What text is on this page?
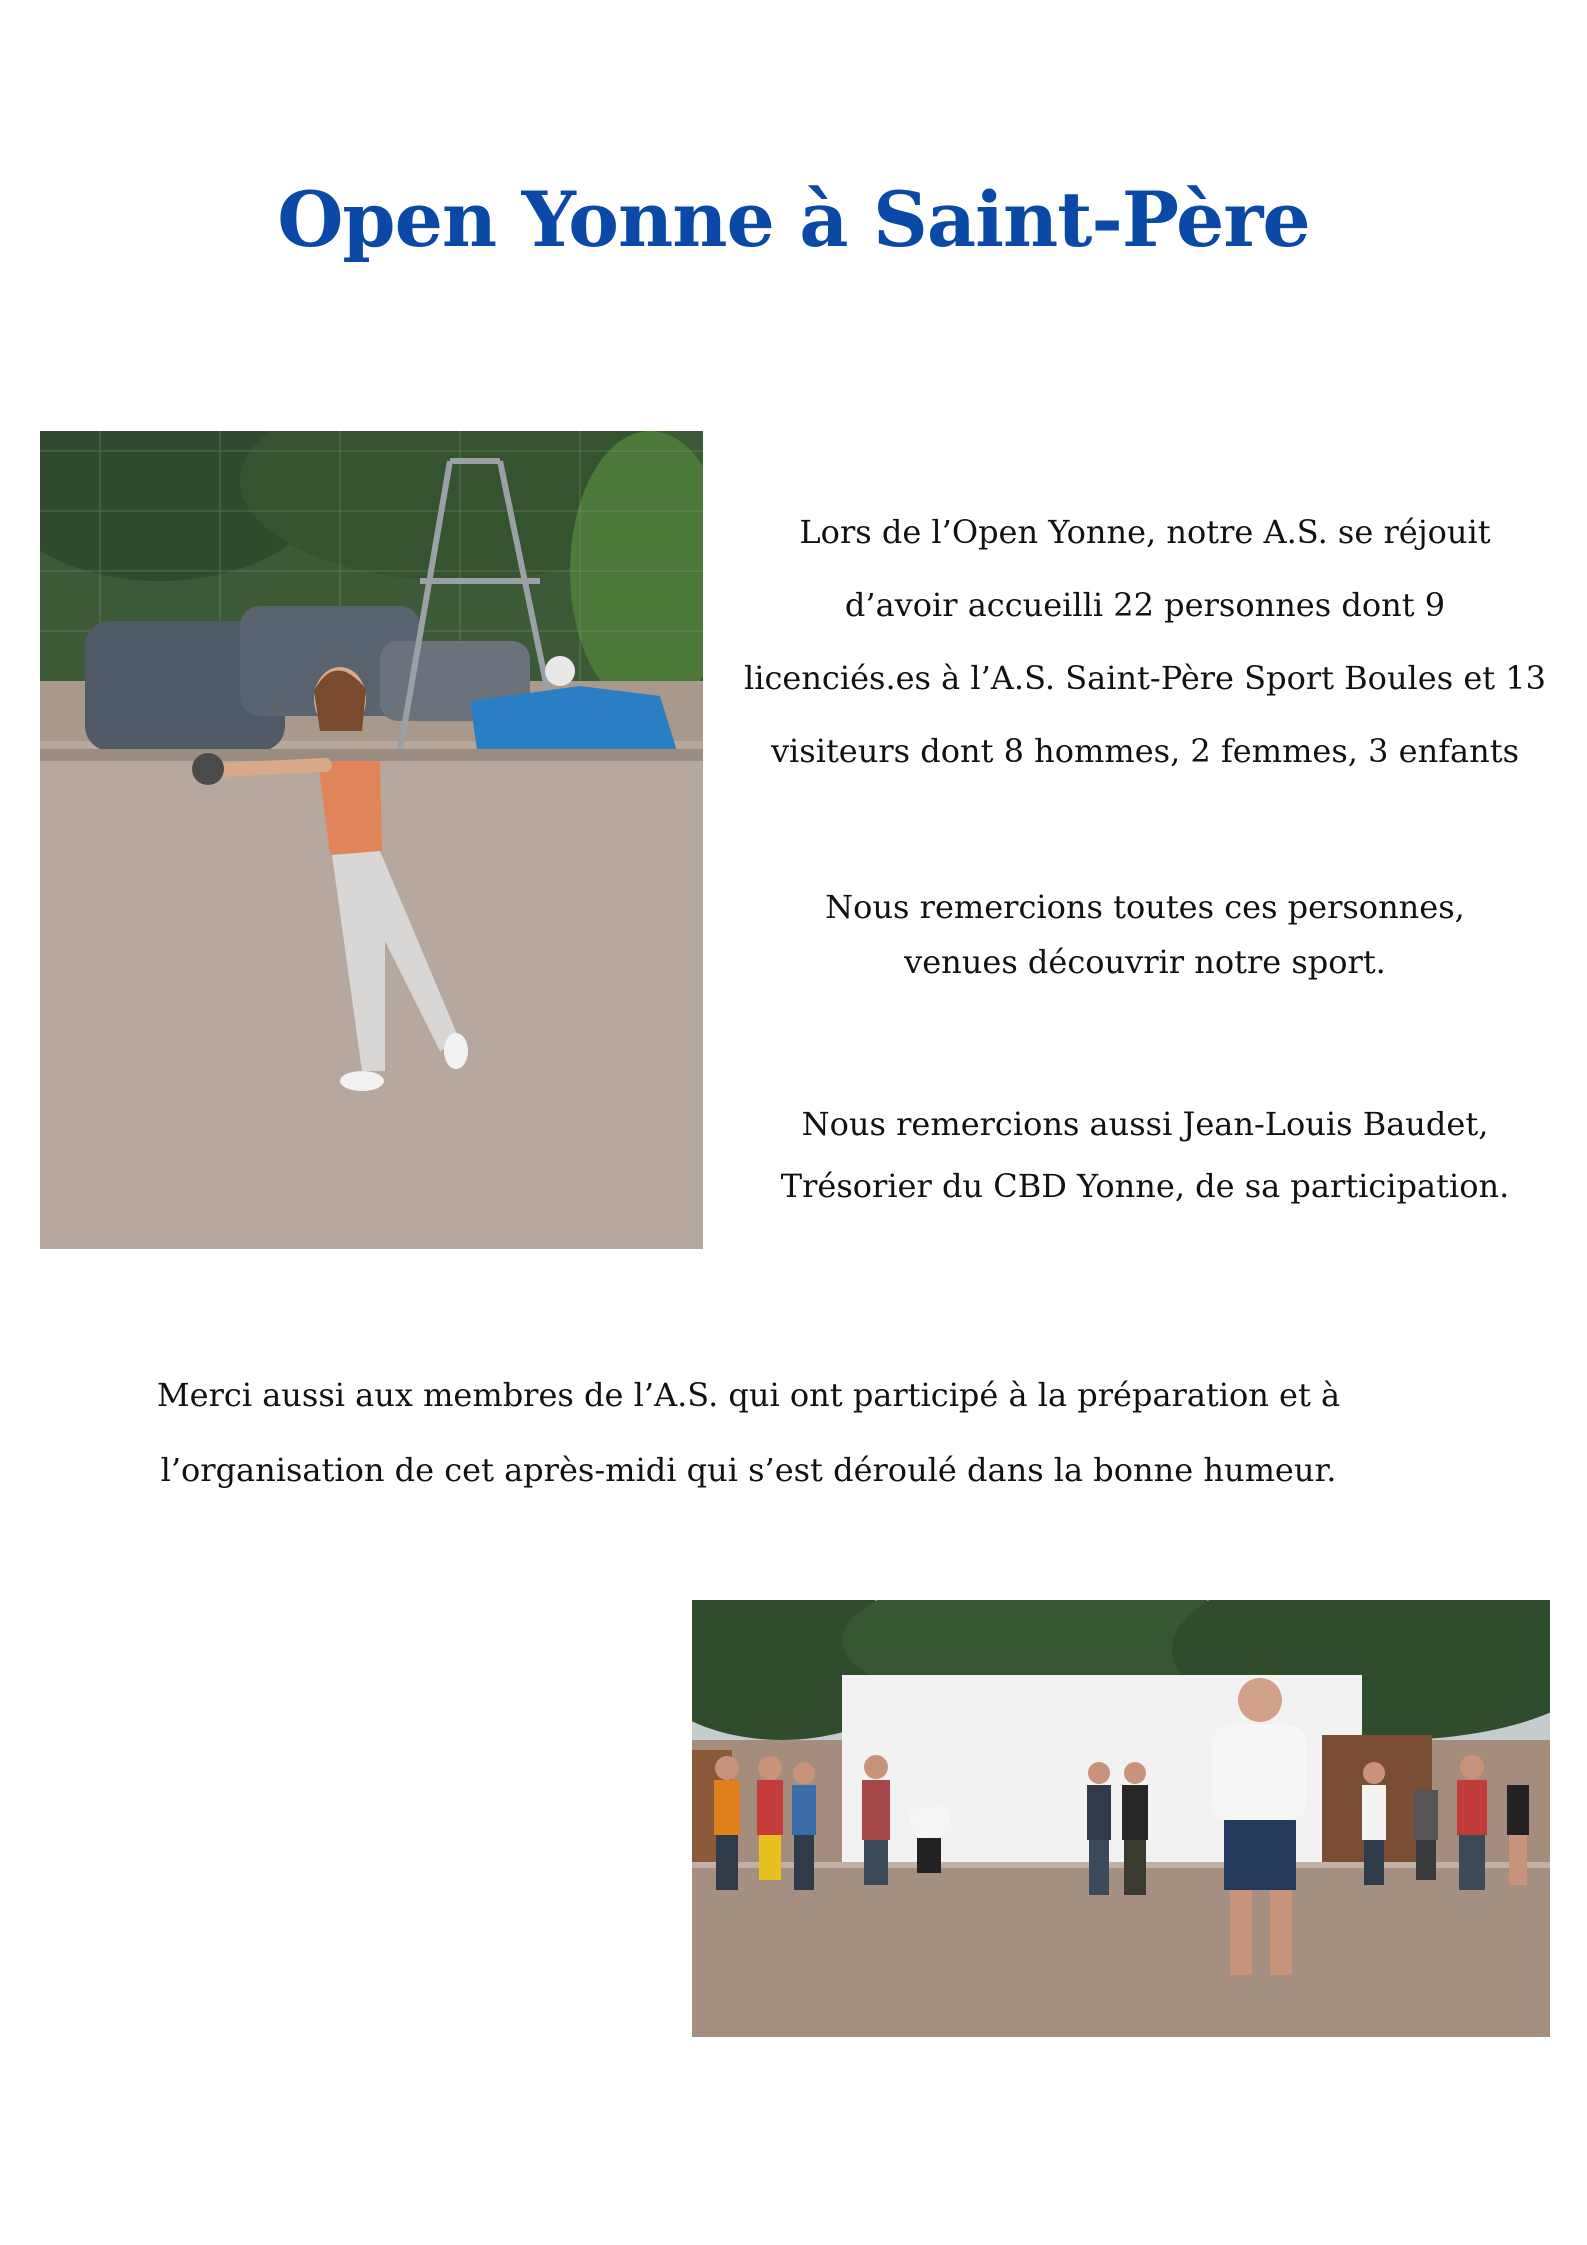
Open Yonne à Saint-Père
Lors de l’Open Yonne, notre A.S. se réjouit
d’avoir accueilli 22 personnes dont 9
licenciés.es à l’A.S. Saint-Père Sport Boules et 13
visiteurs dont 8 hommes, 2 femmes, 3 enfants
Nous remercions toutes ces personnes,
venues découvrir notre sport.
Nous remercions aussi Jean-Louis Baudet,
Trésorier du CBD Yonne, de sa participation.
Merci aussi aux membres de l’A.S. qui ont participé à la préparation et à
l’organisation de cet après-midi qui s’est déroulé dans la bonne humeur.
